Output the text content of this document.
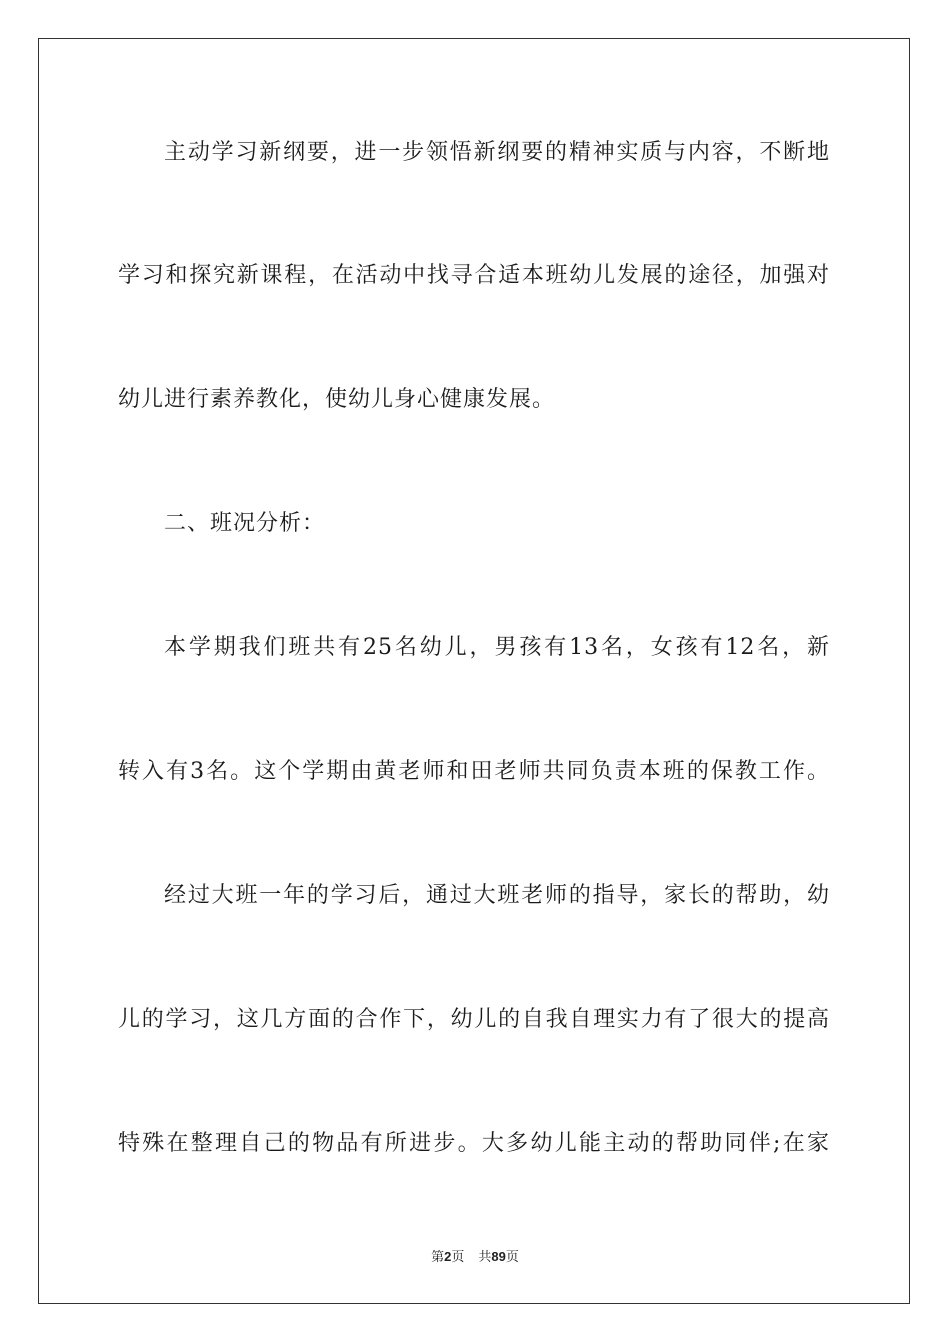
主动学习新纲要，进一步领悟新纲要的精神实质与内容，不断地
学习和探究新课程，在活动中找寻合适本班幼儿发展的途径，加强对
幼儿进行素养教化，使幼儿身心健康发展。
二、班况分析：
本学期我们班共有25名幼儿，男孩有13名，女孩有12名，新
转入有3名。这个学期由黄老师和田老师共同负责本班的保教工作。
经过大班一年的学习后，通过大班老师的指导，家长的帮助，幼
儿的学习，这几方面的合作下，幼儿的自我自理实力有了很大的提高
特殊在整理自己的物品有所进步。大多幼儿能主动的帮助同伴;在家
第2页 共89页
